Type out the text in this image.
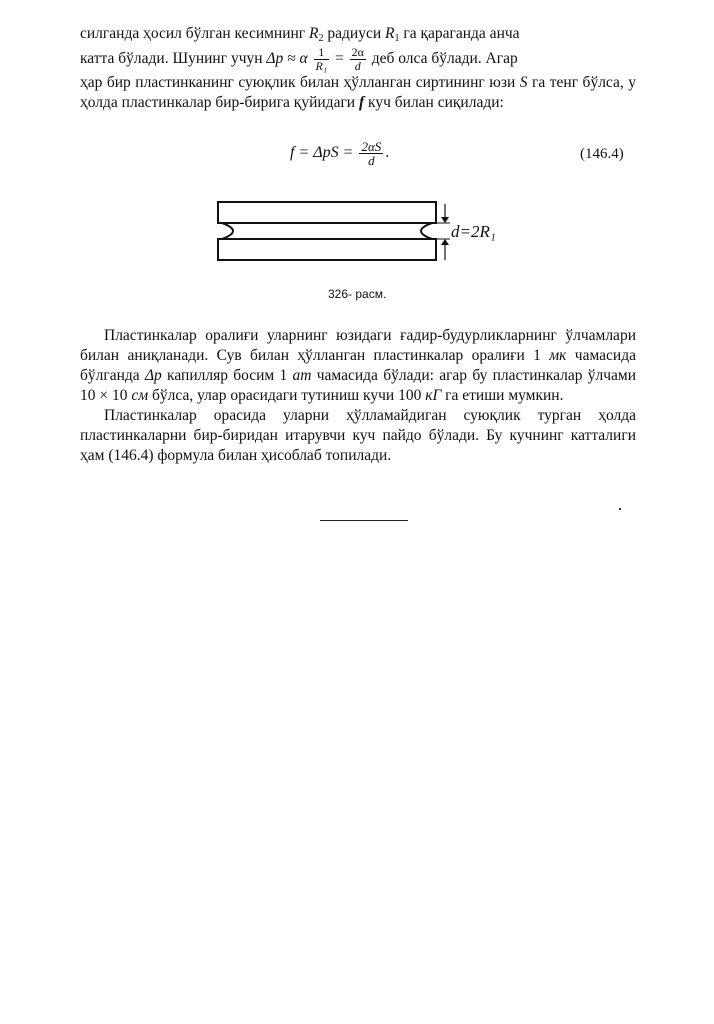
силганда ҳосил бўлган кесимнинг $R_2$ радиуси $R_1$ га қарагaнда анча

катта бўлади. Шунинг учун Δp ≈ α $\frac{1}{\text{R₁}} = \frac{2\alpha}{d}$ деб олса бўлади. Агар

ҳар бир пластинканинг суюқлик билан ҳўлланган сиртининг юзи S га тенг бўлса, у ҳолда пластинкалар бир-бирига қуйидаги f куч билан сиқилади:

$f = \Delta pS = \frac{2\alpha S}{d}$ .	(146.4)
d=2R₁
326- расм.

Пластинкалар оралиғи уларнинг юзидаги ғадир-будурликларнинг ўлчамлари билан аниқланади. Сув билан ҳўлланган пластинкалар оралиғи 1 мк чамасида бўлганда Δp капилляр босим 1 ат чамасида бўлади: агар бу пластинкалар ўлчами 10 × 10 см бўлса, улар орасидаги тутиниш кучи 100 кГ га етиши мумкин.

Пластинкалар орасида уларни ҳўлламайдиган суюқлик турган ҳолда пластинкаларни бир-биридан итарувчи куч пайдо бўлади. Бу кучнинг катталиги ҳам (146.4) формула билан ҳисоблаб топилади.
